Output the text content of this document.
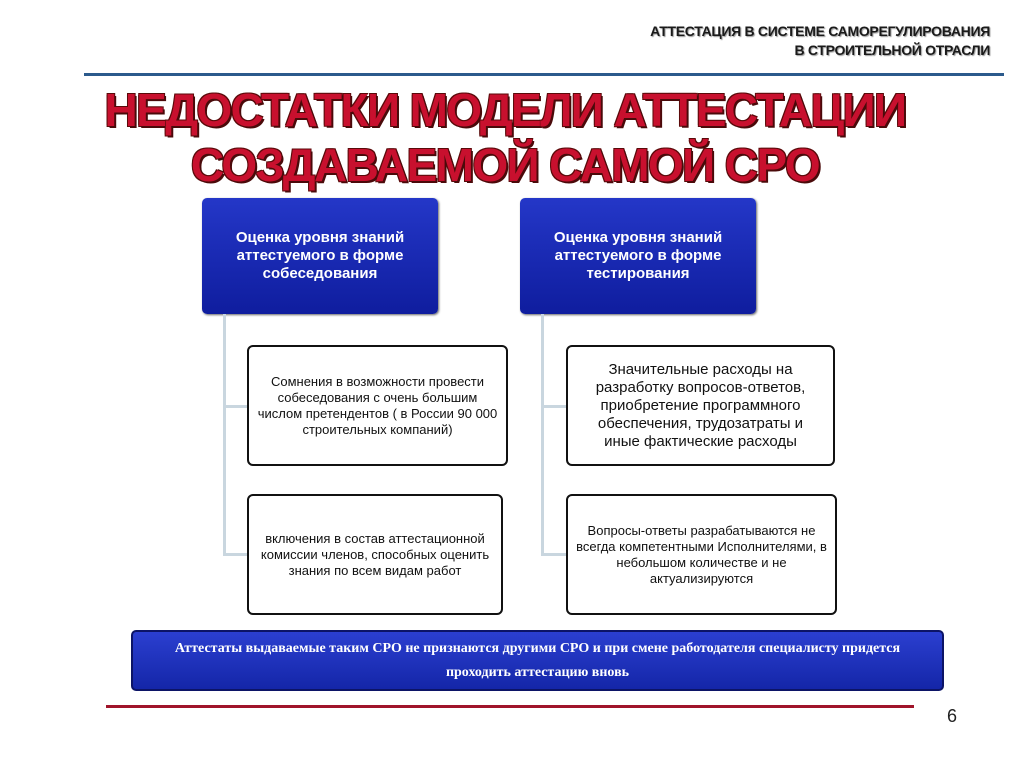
АТТЕСТАЦИЯ В СИСТЕМЕ САМОРЕГУЛИРОВАНИЯ
В СТРОИТЕЛЬНОЙ ОТРАСЛИ
НЕДОСТАТКИ МОДЕЛИ АТТЕСТАЦИИ
СОЗДАВАЕМОЙ САМОЙ СРО
Оценка уровня знаний аттестуемого в форме собеседования
Сомнения в возможности провести собеседования с очень большим числом претендентов ( в России 90 000 строительных компаний)
включения в состав аттестационной комиссии членов, способных оценить знания по всем видам работ
Оценка уровня знаний аттестуемого в форме тестирования
Значительные расходы на разработку вопросов-ответов, приобретение программного обеспечения, трудозатраты и иные фактические расходы
Вопросы-ответы разрабатываются не всегда компетентными Исполнителями, в небольшом количестве и не актуализируются
Аттестаты выдаваемые таким СРО не признаются другими СРО и при смене работодателя специалисту придется проходить аттестацию вновь
6
